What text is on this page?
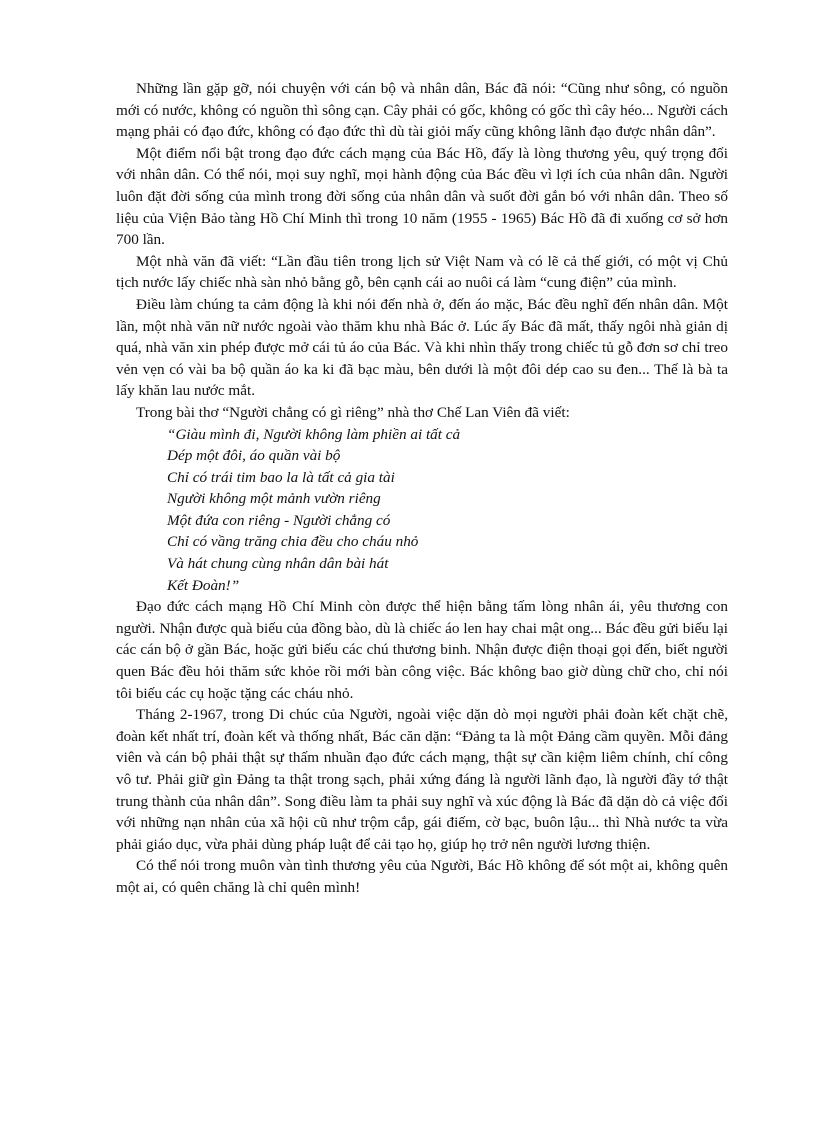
Những lần gặp gỡ, nói chuyện với cán bộ và nhân dân, Bác đã nói: “Cũng như sông, có nguồn mới có nước, không có nguồn thì sông cạn. Cây phải có gốc, không có gốc thì cây héo... Người cách mạng phải có đạo đức, không có đạo đức thì dù tài giỏi mấy cũng không lãnh đạo được nhân dân”.

Một điểm nổi bật trong đạo đức cách mạng của Bác Hồ, đấy là lòng thương yêu, quý trọng đối với nhân dân. Có thể nói, mọi suy nghĩ, mọi hành động của Bác đều vì lợi ích của nhân dân. Người luôn đặt đời sống của mình trong đời sống của nhân dân và suốt đời gắn bó với nhân dân. Theo số liệu của Viện Bảo tàng Hồ Chí Minh thì trong 10 năm (1955 - 1965) Bác Hồ đã đi xuống cơ sở hơn 700 lần.

Một nhà văn đã viết: “Lần đầu tiên trong lịch sử Việt Nam và có lẽ cả thế giới, có một vị Chủ tịch nước lấy chiếc nhà sàn nhỏ bằng gỗ, bên cạnh cái ao nuôi cá làm “cung điện” của mình.

Điều làm chúng ta cảm động là khi nói đến nhà ở, đến áo mặc, Bác đều nghĩ đến nhân dân. Một lần, một nhà văn nữ nước ngoài vào thăm khu nhà Bác ở. Lúc ấy Bác đã mất, thấy ngôi nhà giản dị quá, nhà văn xin phép được mở cái tủ áo của Bác. Và khi nhìn thấy trong chiếc tủ gỗ đơn sơ chỉ treo vẻn vẹn có vài ba bộ quần áo ka ki đã bạc màu, bên dưới là một đôi dép cao su đen... Thế là bà ta lấy khăn lau nước mắt.

Trong bài thơ “Người chẳng có gì riêng” nhà thơ Chế Lan Viên đã viết:

“Giàu mình đi, Người không làm phiền ai tất cả
Dép một đôi, áo quần vài bộ
Chỉ có trái tim bao la là tất cả gia tài
Người không một mảnh vườn riêng
Một đứa con riêng - Người chẳng có
Chỉ có vầng trăng chia đều cho cháu nhỏ
Và hát chung cùng nhân dân bài hát
Kết Đoàn!”

Đạo đức cách mạng Hồ Chí Minh còn được thể hiện bằng tấm lòng nhân ái, yêu thương con người. Nhận được quà biếu của đồng bào, dù là chiếc áo len hay chai mật ong... Bác đều gửi biếu lại các cán bộ ở gần Bác, hoặc gửi biếu các chú thương binh. Nhận được điện thoại gọi đến, biết người quen Bác đều hỏi thăm sức khỏe rồi mới bàn công việc. Bác không bao giờ dùng chữ cho, chỉ nói tôi biếu các cụ hoặc tặng các cháu nhỏ.

Tháng 2-1967, trong Di chúc của Người, ngoài việc dặn dò mọi người phải đoàn kết chặt chẽ, đoàn kết nhất trí, đoàn kết và thống nhất, Bác căn dặn: “Đảng ta là một Đảng cầm quyền. Mỗi đảng viên và cán bộ phải thật sự thấm nhuần đạo đức cách mạng, thật sự cần kiệm liêm chính, chí công vô tư. Phải giữ gìn Đảng ta thật trong sạch, phải xứng đáng là người lãnh đạo, là người đầy tớ thật trung thành của nhân dân”. Song điều làm ta phải suy nghĩ và xúc động là Bác đã dặn dò cả việc đối với những nạn nhân của xã hội cũ như trộm cắp, gái điếm, cờ bạc, buôn lậu... thì Nhà nước ta vừa phải giáo dục, vừa phải dùng pháp luật để cải tạo họ, giúp họ trở nên người lương thiện.

Có thể nói trong muôn vàn tình thương yêu của Người, Bác Hồ không để sót một ai, không quên một ai, có quên chăng là chỉ quên mình!
